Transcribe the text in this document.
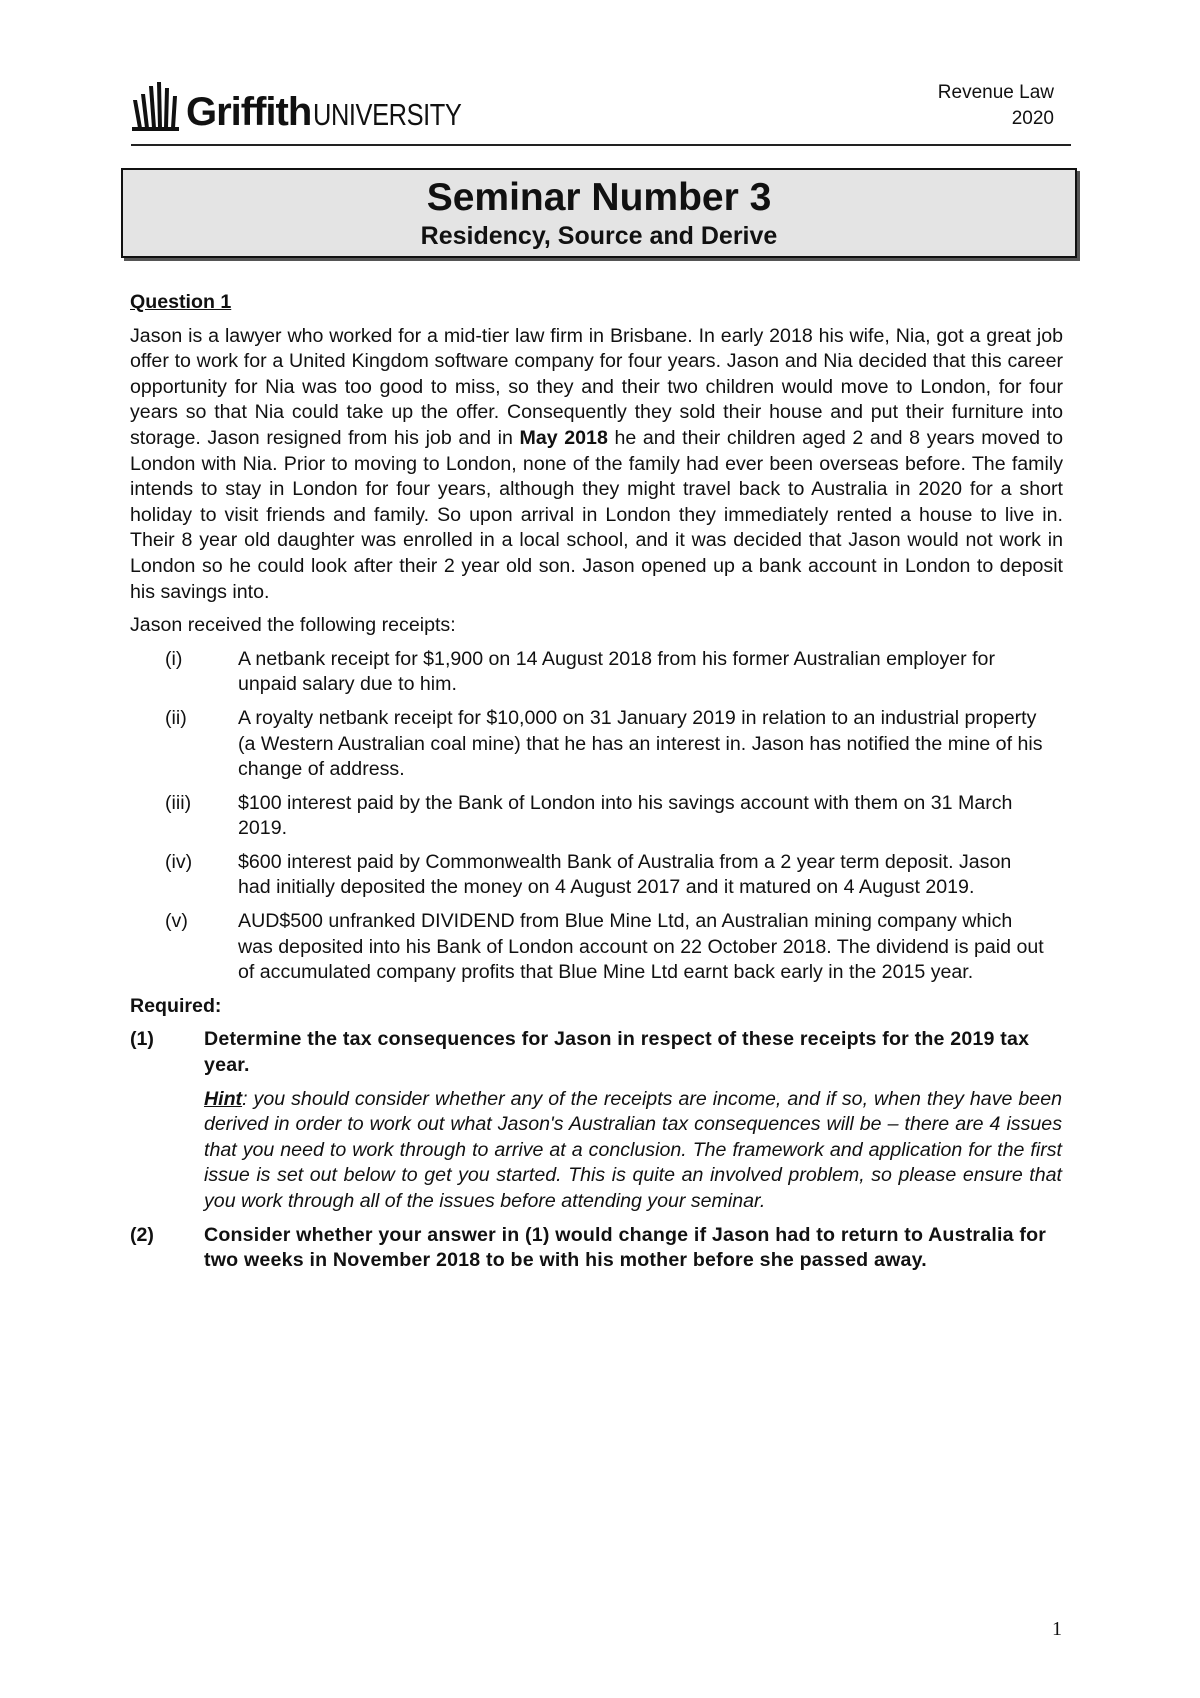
Griffith UNIVERSITY
Revenue Law
2020
Seminar Number 3
Residency, Source and Derive
Question 1

Jason is a lawyer who worked for a mid-tier law firm in Brisbane. In early 2018 his wife, Nia, got a great job offer to work for a United Kingdom software company for four years. Jason and Nia decided that this career opportunity for Nia was too good to miss, so they and their two children would move to London, for four years so that Nia could take up the offer. Consequently they sold their house and put their furniture into storage. Jason resigned from his job and in May 2018 he and their children aged 2 and 8 years moved to London with Nia. Prior to moving to London, none of the family had ever been overseas before. The family intends to stay in London for four years, although they might travel back to Australia in 2020 for a short holiday to visit friends and family. So upon arrival in London they immediately rented a house to live in. Their 8 year old daughter was enrolled in a local school, and it was decided that Jason would not work in London so he could look after their 2 year old son. Jason opened up a bank account in London to deposit his savings into.

Jason received the following receipts:

(i)	A netbank receipt for $1,900 on 14 August 2018 from his former Australian employer for unpaid salary due to him.
(ii)	A royalty netbank receipt for $10,000 on 31 January 2019 in relation to an industrial property (a Western Australian coal mine) that he has an interest in. Jason has notified the mine of his change of address.
(iii)	$100 interest paid by the Bank of London into his savings account with them on 31 March 2019.
(iv)	$600 interest paid by Commonwealth Bank of Australia from a 2 year term deposit. Jason had initially deposited the money on 4 August 2017 and it matured on 4 August 2019.
(v)	AUD$500 unfranked DIVIDEND from Blue Mine Ltd, an Australian mining company which was deposited into his Bank of London account on 22 October 2018. The dividend is paid out of accumulated company profits that Blue Mine Ltd earnt back early in the 2015 year.
Required:
(1)	Determine the tax consequences for Jason in respect of these receipts for the 2019 tax year.
Hint: you should consider whether any of the receipts are income, and if so, when they have been derived in order to work out what Jason's Australian tax consequences will be – there are 4 issues that you need to work through to arrive at a conclusion. The framework and application for the first issue is set out below to get you started. This is quite an involved problem, so please ensure that you work through all of the issues before attending your seminar.
(2)	Consider whether your answer in (1) would change if Jason had to return to Australia for two weeks in November 2018 to be with his mother before she passed away.
1
